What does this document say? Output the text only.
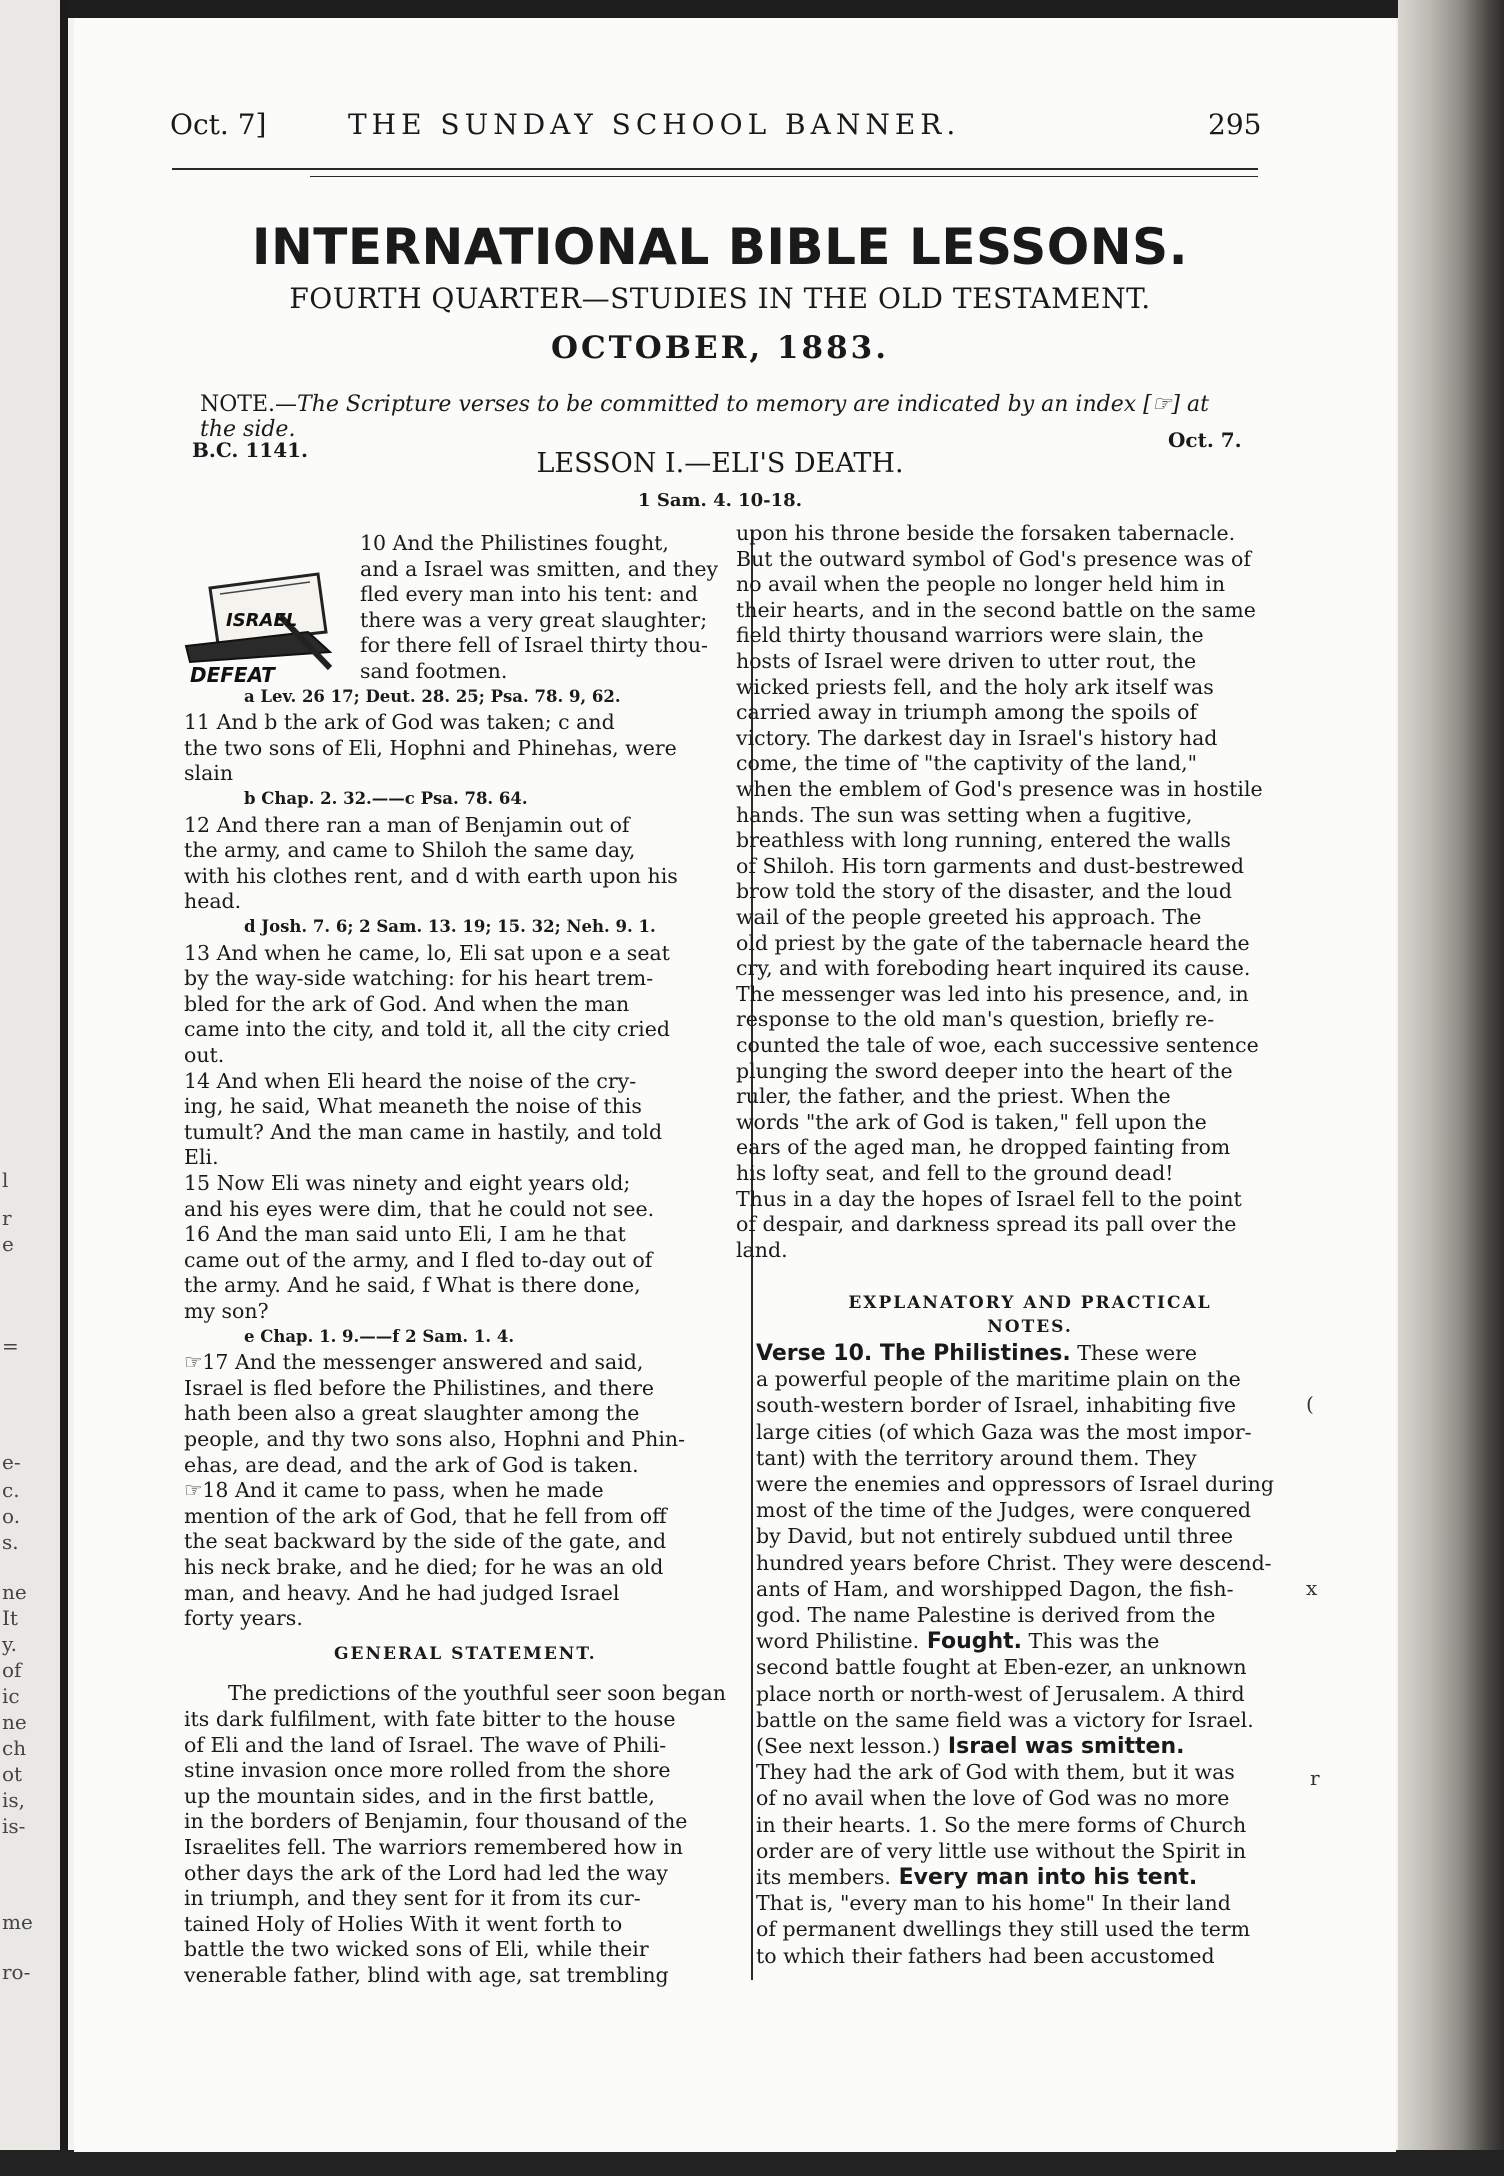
l
r
e
=
e-
c.
o.
s.
ne
It
y.
of
ic
ne
ch
ot
is,
is-
me
ro-
Oct. 7]	THE SUNDAY SCHOOL BANNER.	295
INTERNATIONAL BIBLE LESSONS.
FOURTH QUARTER—STUDIES IN THE OLD TESTAMENT.
OCTOBER, 1883.
NOTE.—The Scripture verses to be committed to memory are indicated by an index [☞] at the side.
B.C. 1141.	Oct. 7.
LESSON I.—ELI'S DEATH.
1 Sam. 4. 10-18.
ISRAEL
DEFEAT
10 And the Philistines fought,
and a Israel was smitten, and they
fled every man into his tent: and
there was a very great slaughter;
for there fell of Israel thirty thou-
sand footmen.
a Lev. 26 17; Deut. 28. 25; Psa. 78. 9, 62.
11 And b the ark of God was taken; c and
the two sons of Eli, Hophni and Phinehas, were
slain
b Chap. 2. 32.——c Psa. 78. 64.
12 And there ran a man of Benjamin out of
the army, and came to Shiloh the same day,
with his clothes rent, and d with earth upon his
head.
d Josh. 7. 6; 2 Sam. 13. 19; 15. 32; Neh. 9. 1.
13 And when he came, lo, Eli sat upon e a seat
by the way-side watching: for his heart trem-
bled for the ark of God. And when the man
came into the city, and told it, all the city cried
out.
14 And when Eli heard the noise of the cry-
ing, he said, What meaneth the noise of this
tumult? And the man came in hastily, and told
Eli.
15 Now Eli was ninety and eight years old;
and his eyes were dim, that he could not see.
16 And the man said unto Eli, I am he that
came out of the army, and I fled to-day out of
the army. And he said, f What is there done,
my son?
e Chap. 1. 9.——f 2 Sam. 1. 4.
☞17 And the messenger answered and said,
Israel is fled before the Philistines, and there
hath been also a great slaughter among the
people, and thy two sons also, Hophni and Phin-
ehas, are dead, and the ark of God is taken.
☞18 And it came to pass, when he made
mention of the ark of God, that he fell from off
the seat backward by the side of the gate, and
his neck brake, and he died; for he was an old
man, and heavy. And he had judged Israel
forty years.
GENERAL STATEMENT.
The predictions of the youthful seer soon began
its dark fulfilment, with fate bitter to the house
of Eli and the land of Israel. The wave of Phili-
stine invasion once more rolled from the shore
up the mountain sides, and in the first battle,
in the borders of Benjamin, four thousand of the
Israelites fell. The warriors remembered how in
other days the ark of the Lord had led the way
in triumph, and they sent for it from its cur-
tained Holy of Holies With it went forth to
battle the two wicked sons of Eli, while their
venerable father, blind with age, sat trembling
upon his throne beside the forsaken tabernacle.
But the outward symbol of God's presence was of
no avail when the people no longer held him in
their hearts, and in the second battle on the same
field thirty thousand warriors were slain, the
hosts of Israel were driven to utter rout, the
wicked priests fell, and the holy ark itself was
carried away in triumph among the spoils of
victory. The darkest day in Israel's history had
come, the time of "the captivity of the land,"
when the emblem of God's presence was in hostile
hands. The sun was setting when a fugitive,
breathless with long running, entered the walls
of Shiloh. His torn garments and dust-bestrewed
brow told the story of the disaster, and the loud
wail of the people greeted his approach. The
old priest by the gate of the tabernacle heard the
cry, and with foreboding heart inquired its cause.
The messenger was led into his presence, and, in
response to the old man's question, briefly re-
counted the tale of woe, each successive sentence
plunging the sword deeper into the heart of the
ruler, the father, and the priest. When the
words "the ark of God is taken," fell upon the
ears of the aged man, he dropped fainting from
his lofty seat, and fell to the ground dead!
Thus in a day the hopes of Israel fell to the point
of despair, and darkness spread its pall over the
land.
EXPLANATORY AND PRACTICAL
NOTES.
Verse 10. The Philistines. These were
a powerful people of the maritime plain on the
south-western border of Israel, inhabiting five
large cities (of which Gaza was the most impor-
tant) with the territory around them. They
were the enemies and oppressors of Israel during
most of the time of the Judges, were conquered
by David, but not entirely subdued until three
hundred years before Christ. They were descend-
ants of Ham, and worshipped Dagon, the fish-
god. The name Palestine is derived from the
word Philistine. Fought. This was the
second battle fought at Eben-ezer, an unknown
place north or north-west of Jerusalem. A third
battle on the same field was a victory for Israel.
(See next lesson.) Israel was smitten.
They had the ark of God with them, but it was
of no avail when the love of God was no more
in their hearts. 1. So the mere forms of Church
order are of very little use without the Spirit in
its members. Every man into his tent.
That is, "every man to his home" In their land
of permanent dwellings they still used the term
to which their fathers had been accustomed
(
x
r
